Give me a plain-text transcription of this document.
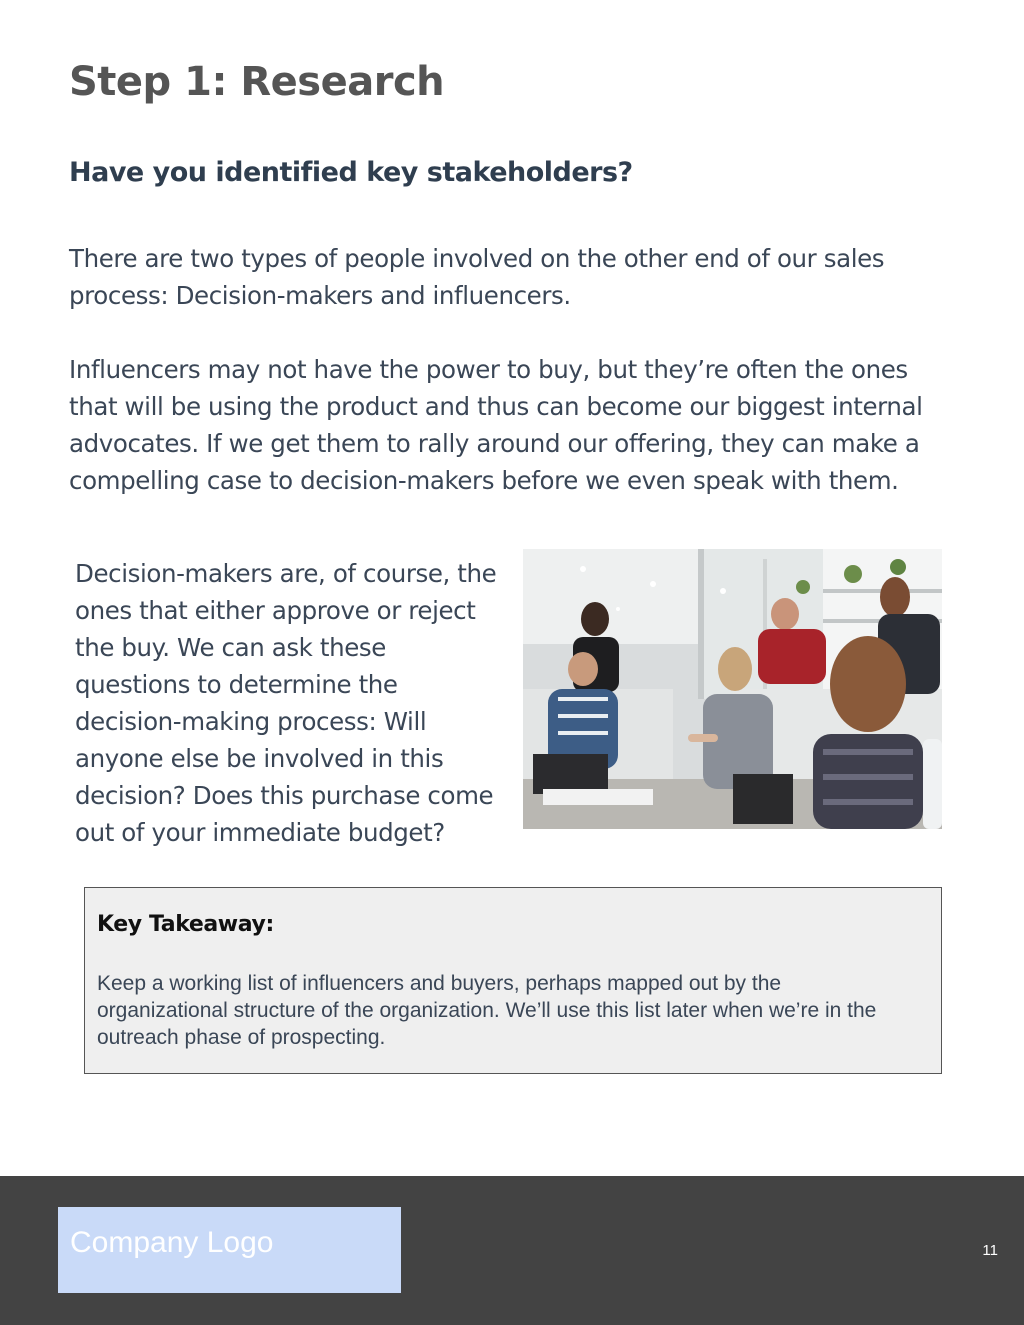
Step 1: Research
Have you identified key stakeholders?

There are two types of people involved on the other end of our sales process: Decision-makers and influencers.

Influencers may not have the power to buy, but they’re often the ones that will be using the product and thus can become our biggest internal advocates. If we get them to rally around our offering, they can make a compelling case to decision-makers before we even speak with them.

Decision-makers are, of course, the ones that either approve or reject the buy. We can ask these questions to determine the decision-making process: Will anyone else be involved in this decision? Does this purchase come out of your immediate budget?

Key Takeaway:

Keep a working list of influencers and buyers, perhaps mapped out by the organizational structure of the organization. We’ll use this list later when we’re in the outreach phase of prospecting.

Company Logo	11
